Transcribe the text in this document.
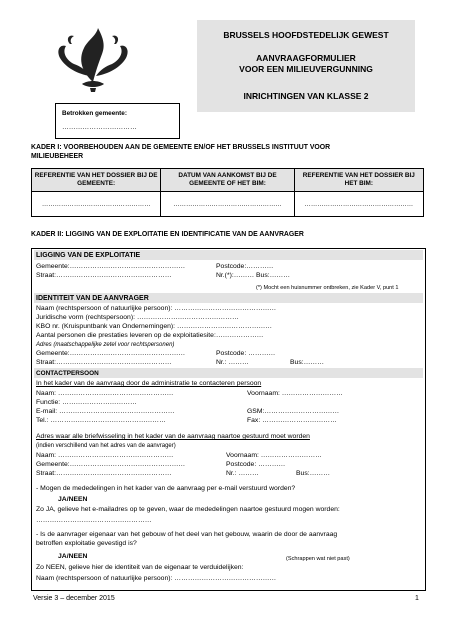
BRUSSELS HOOFDSTEDELIJK GEWEST
AANVRAAGFORMULIER
VOOR EEN MILIEUVERGUNNING
INRICHTINGEN VAN KLASSE 2
Betrokken gemeente:
……………………………
KADER I: VOORBEHOUDEN AAN DE GEMEENTE EN/OF HET BRUSSELS INSTITUUT VOOR
MILIEUBEHEER
REFERENTIE VAN HET DOSSIER BIJ DE GEMEENTE:	DATUM VAN AANKOMST BIJ DE GEMEENTE OF HET BIM:	REFERENTIE VAN HET DOSSIER BIJ HET BIM:
……………………………………………	……………………………………………	……………………………………………
KADER II: LIGGING VAN DE EXPLOITATIE EN IDENTIFICATIE VAN DE AANVRAGER
LIGGING VAN DE EXPLOITATIE
Gemeente:……………………………………………	Postcode:…………
Straat:……………………………………………	Nr.(*):……… Bus:………
(*) Mocht een huisnummer ontbreken, zie Kader V, punt 1
IDENTITEIT VAN DE AANVRAGER
Naam (rechtspersoon of natuurlijke persoon): ………………………………………
Juridische vorm (rechtspersoon): ………………………………………
KBO nr. (Kruispuntbank van Ondernemingen): ……………………………………
Aantal personen die prestaties leveren op de exploitatiesite:…………………
Adres (maatschappelijke zetel voor rechtspersonen)
Gemeente:……………………………………………	Postcode: …………
Straat:……………………………………………	Nr.: ………	Bus:………
CONTACTPERSOON
In het kader van de aanvraag door de administratie te contacteren persoon
Naam: ……………………………………………	Voornaam: ………………………
Functie: ……………………………
E-mail: ……………………………………………	GSM:……………………………
Tel.: ……………………………………………	Fax: ……………………………
Adres waar alle briefwisseling in het kader van de aanvraag naartoe gestuurd moet worden
(indien verschillend van het adres van de aanvrager)
Naam: ……………………………………………	Voornaam: ………………………
Gemeente:……………………………………………	Postcode: …………
Straat:……………………………………………	Nr.: ………	Bus:………
- Mogen de mededelingen in het kader van de aanvraag per e-mail verstuurd worden?
JA/NEEN
Zo JA, gelieve het e-mailadres op te geven, waar de mededelingen naartoe gestuurd mogen worden:
……………………………………………
- Is de aanvrager eigenaar van het gebouw of het deel van het gebouw, waarin de door de aanvraag
betroffen exploitatie gevestigd is?
JA/NEEN	(Schrappen wat niet past)
Zo NEEN, gelieve hier de identiteit van de eigenaar te verduidelijken:
Naam (rechtspersoon of natuurlijke persoon): ………………………………………
Versie 3 – december 2015	1
